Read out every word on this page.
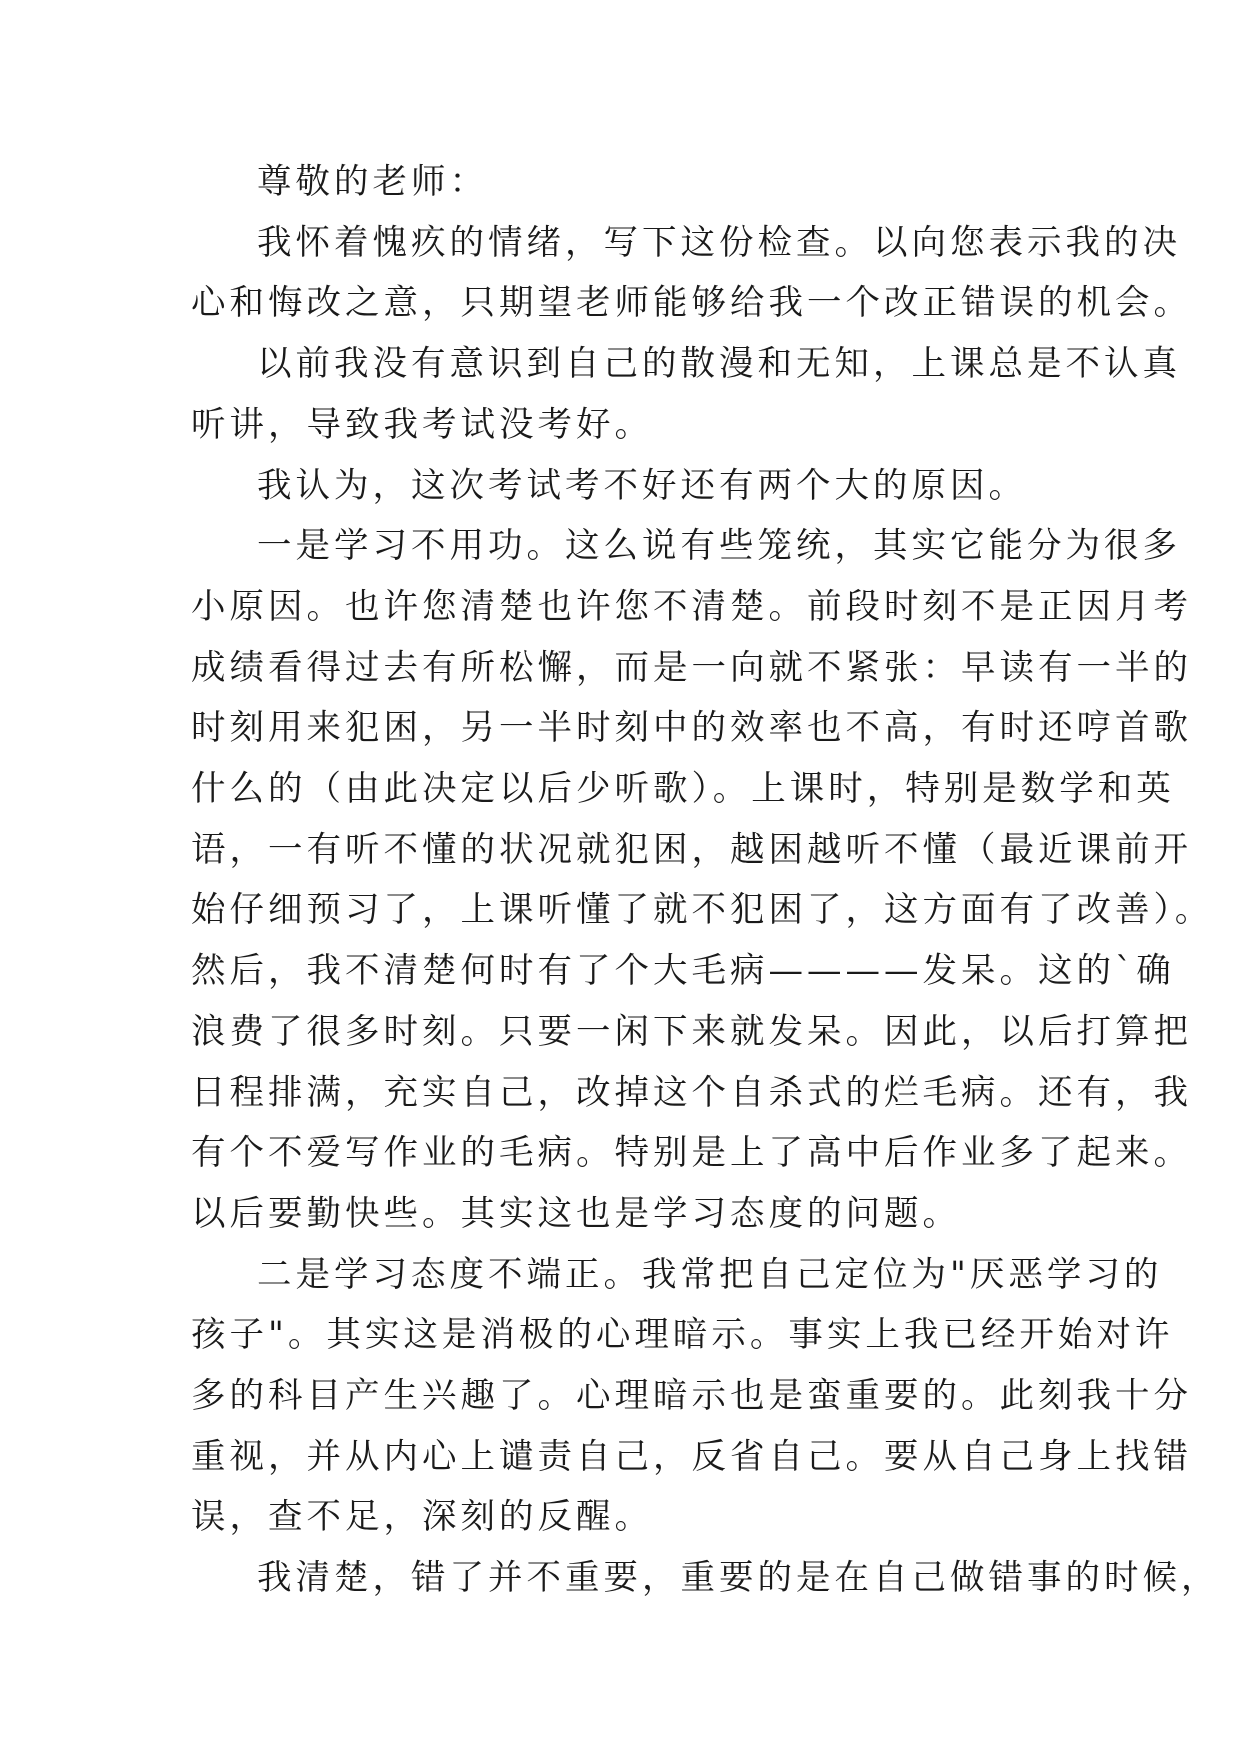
尊敬的老师：
我怀着愧疚的情绪，写下这份检查。以向您表示我的决
心和悔改之意，只期望老师能够给我一个改正错误的机会。
以前我没有意识到自己的散漫和无知，上课总是不认真
听讲，导致我考试没考好。
我认为，这次考试考不好还有两个大的原因。
一是学习不用功。这么说有些笼统，其实它能分为很多
小原因。也许您清楚也许您不清楚。前段时刻不是正因月考
成绩看得过去有所松懈，而是一向就不紧张：早读有一半的
时刻用来犯困，另一半时刻中的效率也不高，有时还哼首歌
什么的（由此决定以后少听歌）。上课时，特别是数学和英
语，一有听不懂的状况就犯困，越困越听不懂（最近课前开
始仔细预习了，上课听懂了就不犯困了，这方面有了改善）。
然后，我不清楚何时有了个大毛病————发呆。这的`确
浪费了很多时刻。只要一闲下来就发呆。因此，以后打算把
日程排满，充实自己，改掉这个自杀式的烂毛病。还有，我
有个不爱写作业的毛病。特别是上了高中后作业多了起来。
以后要勤快些。其实这也是学习态度的问题。
二是学习态度不端正。我常把自己定位为"厌恶学习的
孩子"。其实这是消极的心理暗示。事实上我已经开始对许
多的科目产生兴趣了。心理暗示也是蛮重要的。此刻我十分
重视，并从内心上谴责自己，反省自己。要从自己身上找错
误，查不足，深刻的反醒。
我清楚，错了并不重要，重要的是在自己做错事的时候，
